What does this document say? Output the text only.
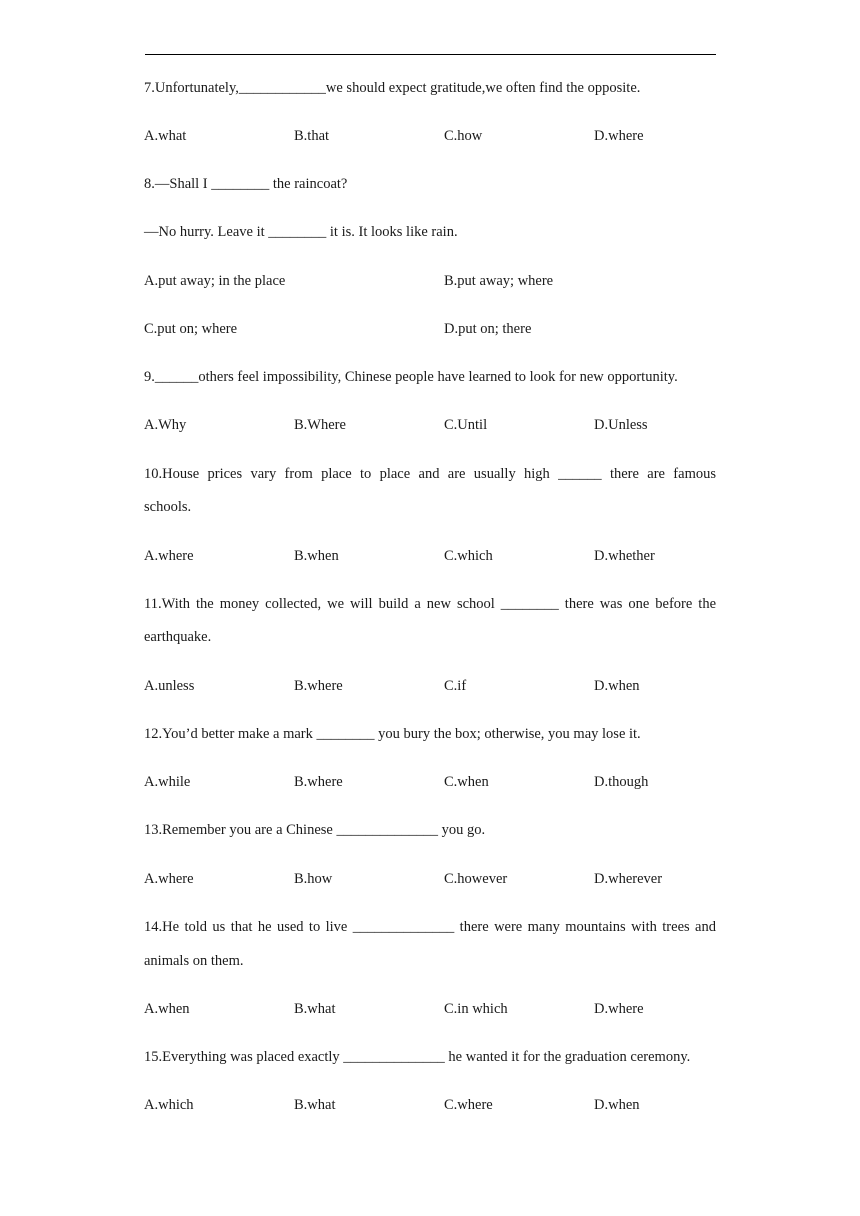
7.Unfortunately,____________we should expect gratitude,we often find the opposite.
A.what	B.that	C.how	D.where
8.—Shall I ________ the raincoat?
—No hurry. Leave it ________ it is. It looks like rain.
A.put away; in the place	B.put away; where
C.put on; where	D.put on; there
9.______others feel impossibility, Chinese people have learned to look for new opportunity.
A.Why	B.Where	C.Until	D.Unless
10.House prices vary from place to place and are usually high ______ there are famous
schools.
A.where	B.when	C.which	D.whether
11.With the money collected, we will build a new school ________ there was one before the
earthquake.
A.unless	B.where	C.if	D.when
12.You’d better make a mark ________ you bury the box; otherwise, you may lose it.
A.while	B.where	C.when	D.though
13.Remember you are a Chinese ______________ you go.
A.where	B.how	C.however	D.wherever
14.He told us that he used to live ______________ there were many mountains with trees and
animals on them.
A.when	B.what	C.in which	D.where
15.Everything was placed exactly ______________ he wanted it for the graduation ceremony.
A.which	B.what	C.where	D.when
